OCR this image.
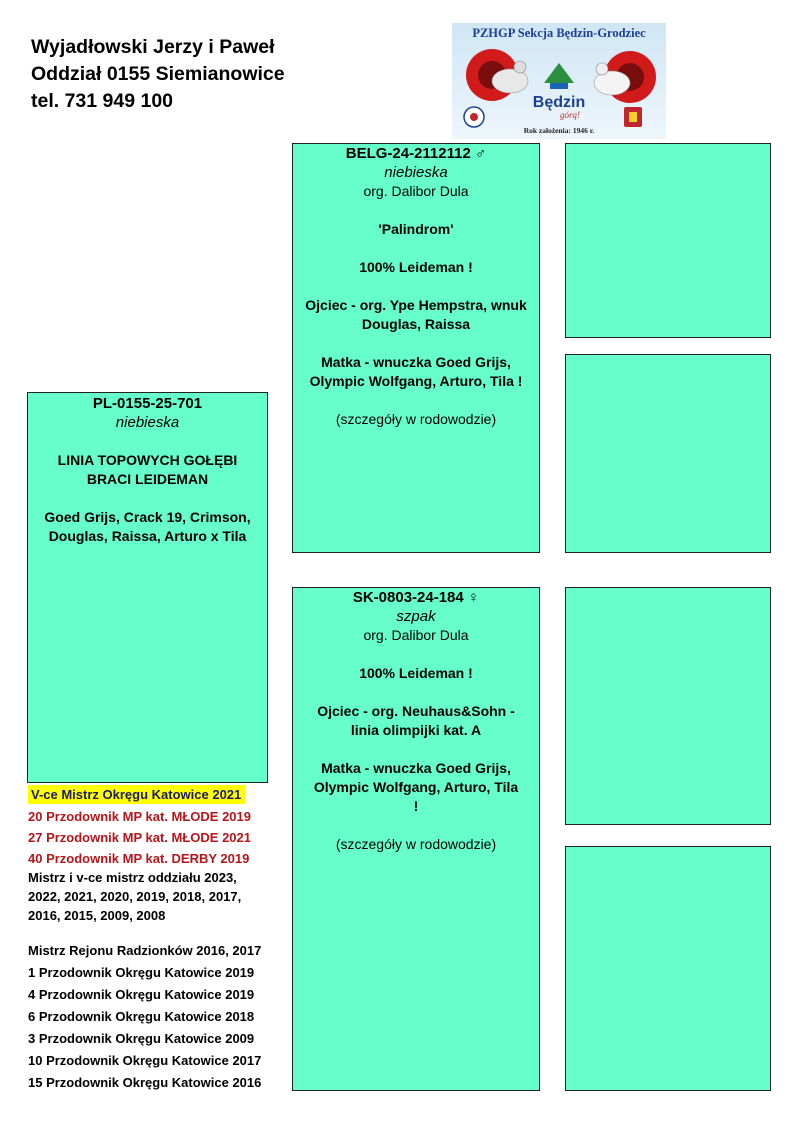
Wyjadłowski Jerzy i Paweł
Oddział 0155 Siemianowice
tel. 731 949 100
PZHGP Sekcja Będzin-Grodziec
Będzin
górą!
Rok założenia: 1946 r.
PL-0155-25-701
niebieska
LINIA TOPOWYCH GOŁĘBI
BRACI LEIDEMAN
Goed Grijs, Crack 19, Crimson,
Douglas, Raissa, Arturo x Tila
BELG-24-2112112 ♂
niebieska
org. Dalibor Dula
'Palindrom'
100% Leideman !
Ojciec - org. Ype Hempstra, wnuk
Douglas, Raissa
Matka - wnuczka Goed Grijs,
Olympic Wolfgang, Arturo, Tila !
(szczegóły w rodowodzie)
SK-0803-24-184 ♀
szpak
org. Dalibor Dula
100% Leideman !
Ojciec - org. Neuhaus&Sohn -
linia olimpijki kat. A
Matka - wnuczka Goed Grijs,
Olympic Wolfgang, Arturo, Tila
!
(szczegóły w rodowodzie)
V-ce Mistrz Okręgu Katowice 2021
20 Przodownik MP kat. MŁODE 2019
27 Przodownik MP kat. MŁODE 2021
40 Przodownik MP kat. DERBY 2019
Mistrz i v-ce mistrz oddziału 2023, 2022, 2021, 2020, 2019, 2018, 2017, 2016, 2015, 2009, 2008
Mistrz Rejonu Radzionków 2016, 2017
1 Przodownik Okręgu Katowice 2019
4 Przodownik Okręgu Katowice 2019
6 Przodownik Okręgu Katowice 2018
3 Przodownik Okręgu Katowice 2009
10 Przodownik Okręgu Katowice 2017
15 Przodownik Okręgu Katowice 2016
